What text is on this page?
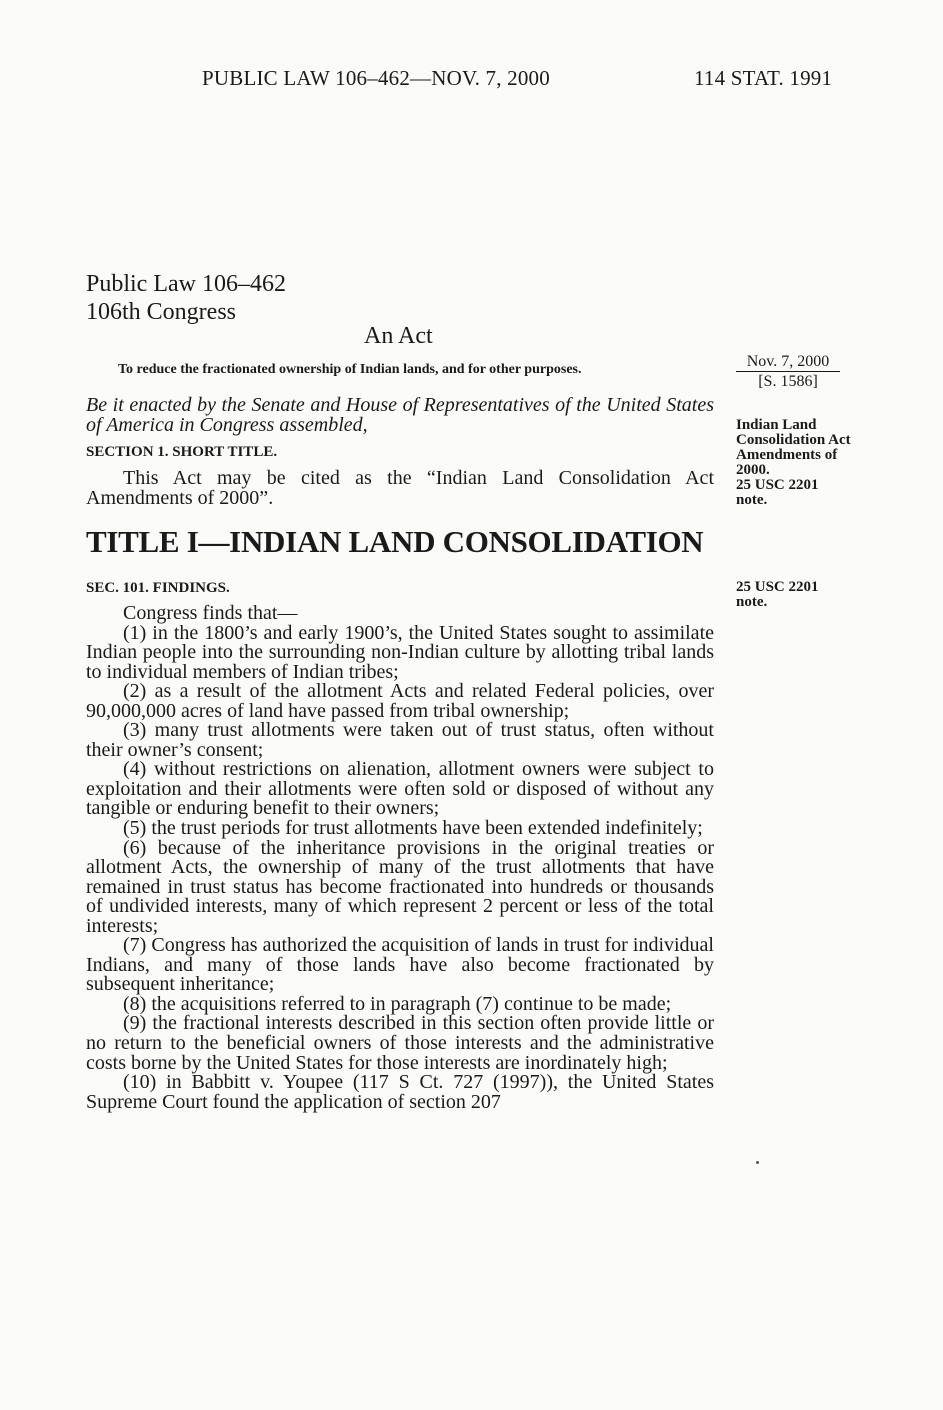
PUBLIC LAW 106–462—NOV. 7, 2000	114 STAT. 1991
Public Law 106–462
106th Congress
An Act
To reduce the fractionated ownership of Indian lands, and for other purposes.
Be it enacted by the Senate and House of Representatives of the United States of America in Congress assembled,
SECTION 1. SHORT TITLE.
This Act may be cited as the “Indian Land Consolidation Act Amendments of 2000”.
TITLE I—INDIAN LAND CONSOLIDATION
SEC. 101. FINDINGS.

Congress finds that—

(1) in the 1800’s and early 1900’s, the United States sought to assimilate Indian people into the surrounding non-Indian culture by allotting tribal lands to individual members of Indian tribes;

(2) as a result of the allotment Acts and related Federal policies, over 90,000,000 acres of land have passed from tribal ownership;

(3) many trust allotments were taken out of trust status, often without their owner’s consent;

(4) without restrictions on alienation, allotment owners were subject to exploitation and their allotments were often sold or disposed of without any tangible or enduring benefit to their owners;

(5) the trust periods for trust allotments have been extended indefinitely;

(6) because of the inheritance provisions in the original treaties or allotment Acts, the ownership of many of the trust allotments that have remained in trust status has become fractionated into hundreds or thousands of undivided interests, many of which represent 2 percent or less of the total interests;

(7) Congress has authorized the acquisition of lands in trust for individual Indians, and many of those lands have also become fractionated by subsequent inheritance;

(8) the acquisitions referred to in paragraph (7) continue to be made;

(9) the fractional interests described in this section often provide little or no return to the beneficial owners of those interests and the administrative costs borne by the United States for those interests are inordinately high;

(10) in Babbitt v. Youpee (117 S Ct. 727 (1997)), the United States Supreme Court found the application of section 207

Nov. 7, 2000
[S. 1586]
Indian Land
Consolidation Act
Amendments of
2000.
25 USC 2201
note.
25 USC 2201
note.
